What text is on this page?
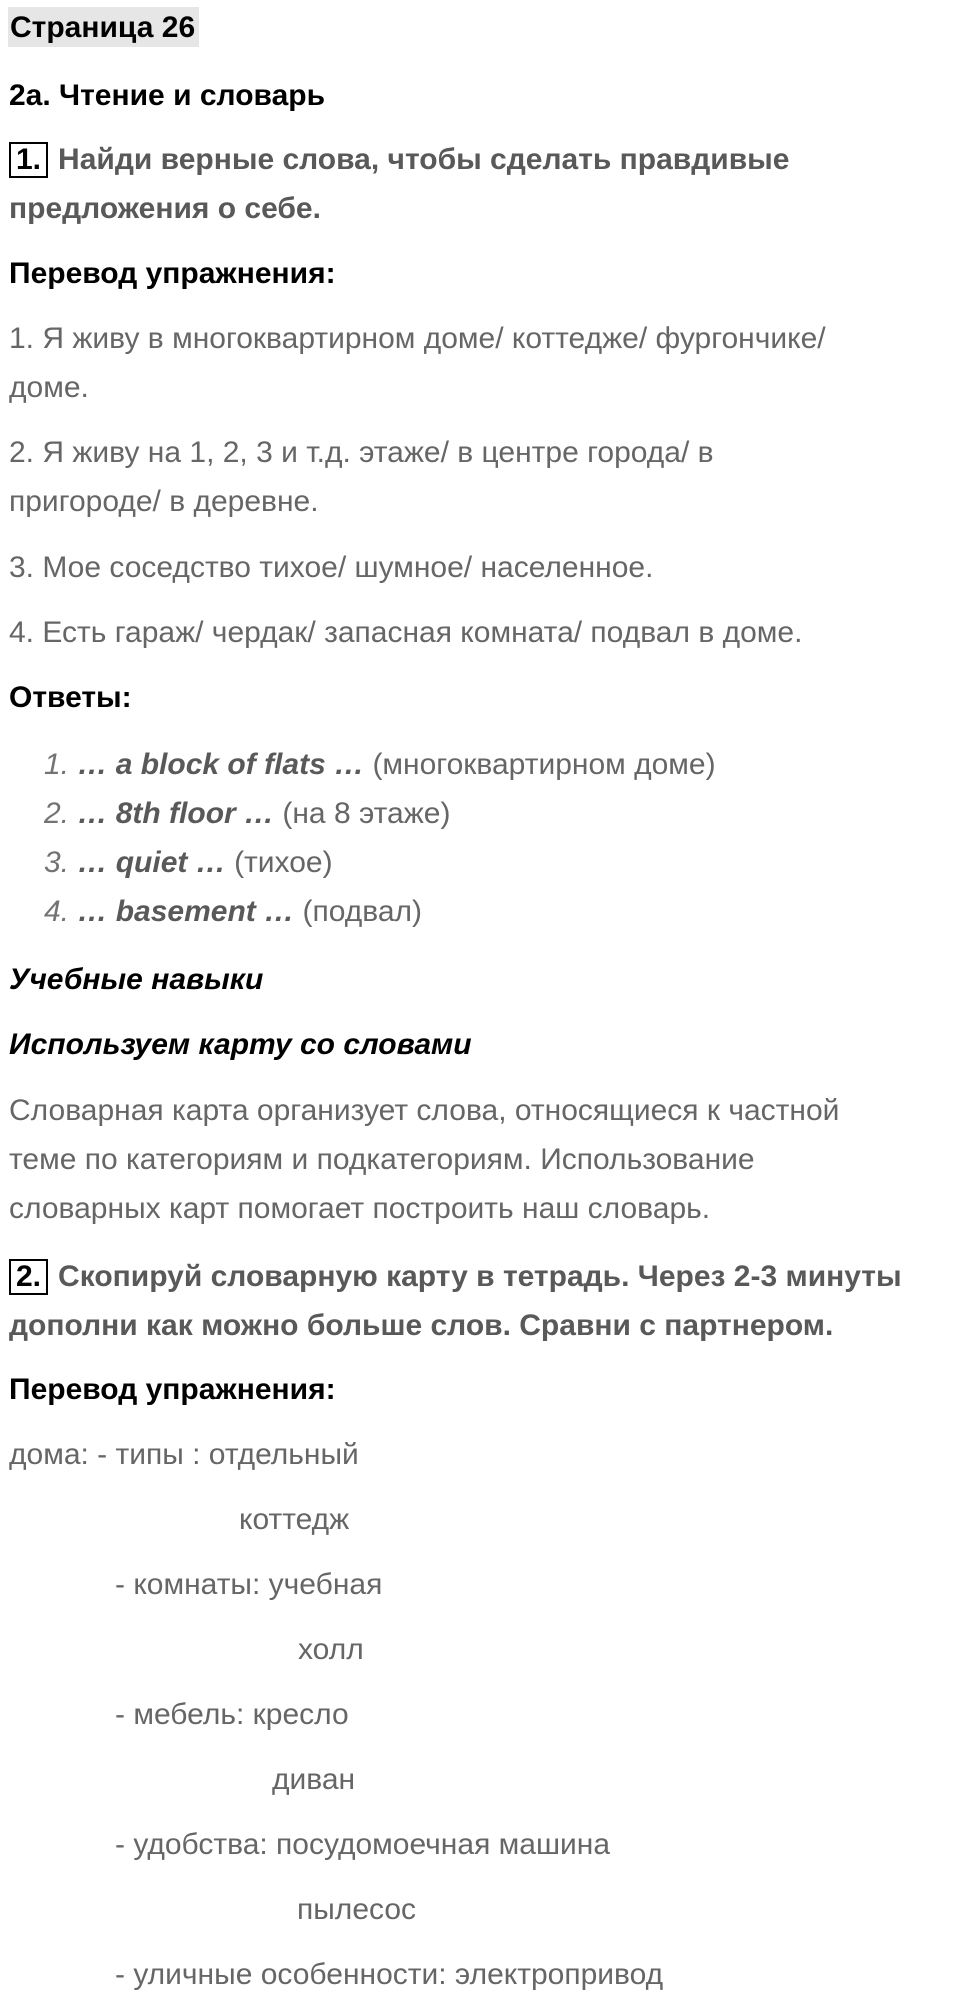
Страница 26
2a. Чтение и словарь
1. Найди верные слова, чтобы сделать правдивые
предложения о себе.
Перевод упражнения:
1. Я живу в многоквартирном доме/ коттедже/ фургончике/
доме.
2. Я живу на 1, 2, 3 и т.д. этаже/ в центре города/ в
пригороде/ в деревне.
3. Мое соседство тихое/ шумное/ населенное.
4. Есть гараж/ чердак/ запасная комната/ подвал в доме.
Ответы:
1. … a block of flats … (многоквартирном доме)
2. … 8th floor … (на 8 этаже)
3. … quiet … (тихое)
4. … basement … (подвал)
Учебные навыки
Используем карту со словами
Словарная карта организует слова, относящиеся к частной
теме по категориям и подкатегориям. Использование
словарных карт помогает построить наш словарь.
2. Скопируй словарную карту в тетрадь. Через 2-3 минуты
дополни как можно больше слов. Сравни с партнером.
Перевод упражнения:
дома: - типы : отдельный
коттедж
- комнаты: учебная
холл
- мебель: кресло
диван
- удобства: посудомоечная машина
пылесос
- уличные особенности: электропривод
